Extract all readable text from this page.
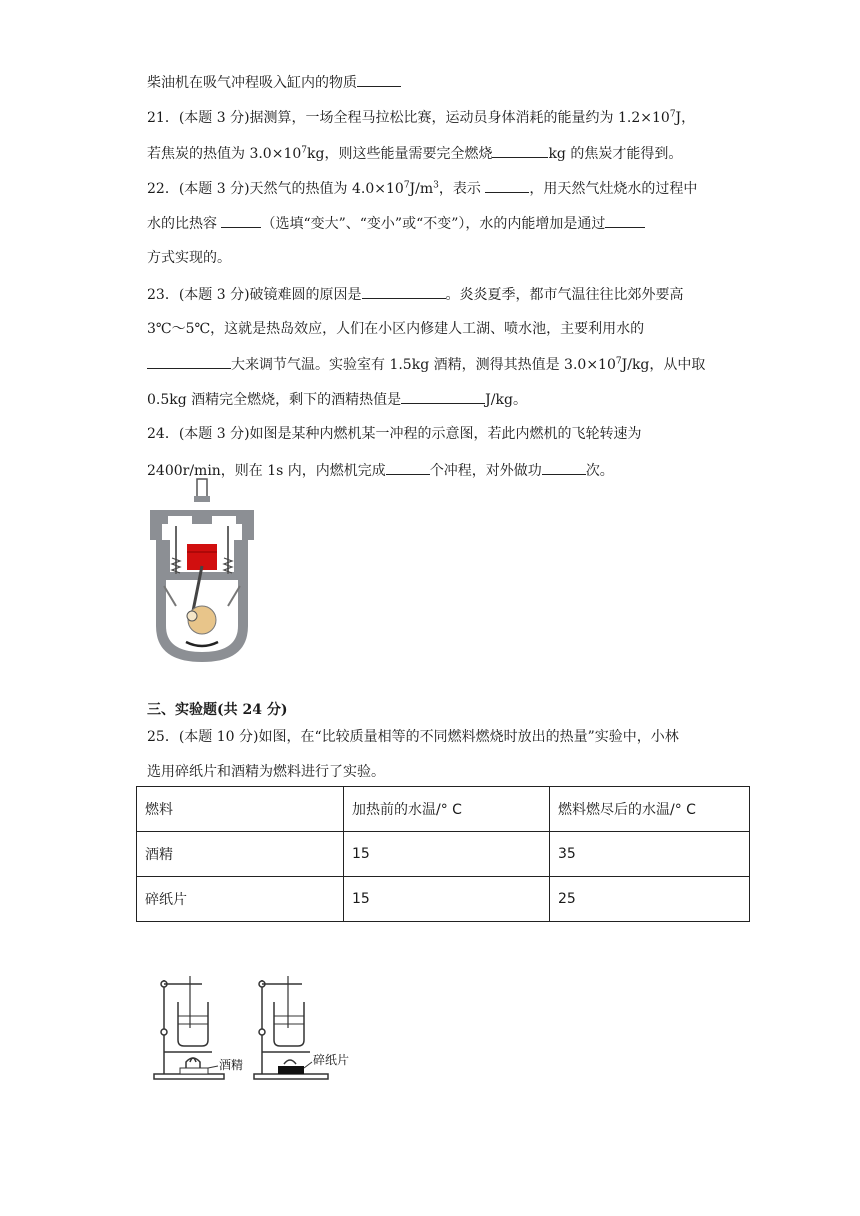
柴油机在吸气冲程吸入缸内的物质
21．(本题 3 分)据测算，一场全程马拉松比赛，运动员身体消耗的能量约为 $1.2\times 10^7J$，
若焦炭的热值为 $3.0\times 10^7kg$，则这些能量需要完全燃烧	kg 的焦炭才能得到。
22．(本题 3 分)天然气的热值为 $4.0\times 10^7J/m^3$，表示	，用天然气灶烧水的过程中
水的比热容	（选填“变大”、“变小”或“不变”），水的内能增加是通过
方式实现的。
23．(本题 3 分)破镜难圆的原因是	。炎炎夏季，都市气温往往比郊外要高
3℃～5℃，这就是热岛效应，人们在小区内修建人工湖、喷水池，主要利用水的
大来调节气温。实验室有 1.5kg 酒精，测得其热值是 $3.0\times 10^7J/kg$，从中取
0.5kg 酒精完全燃烧，剩下的酒精热值是	J/kg。
24．(本题 3 分)如图是某种内燃机某一冲程的示意图，若此内燃机的飞轮转速为
2400r/min，则在 1s 内，内燃机完成	个冲程，对外做功	次。
三、实验题(共 24 分)
25．(本题 10 分)如图，在“比较质量相等的不同燃料燃烧时放出的热量”实验中，小林
选用碎纸片和酒精为燃料进行了实验。
燃料	加热前的水温/° C	燃料燃尽后的水温/° C
酒精	15	35
碎纸片	15	25
酒精	碎纸片
